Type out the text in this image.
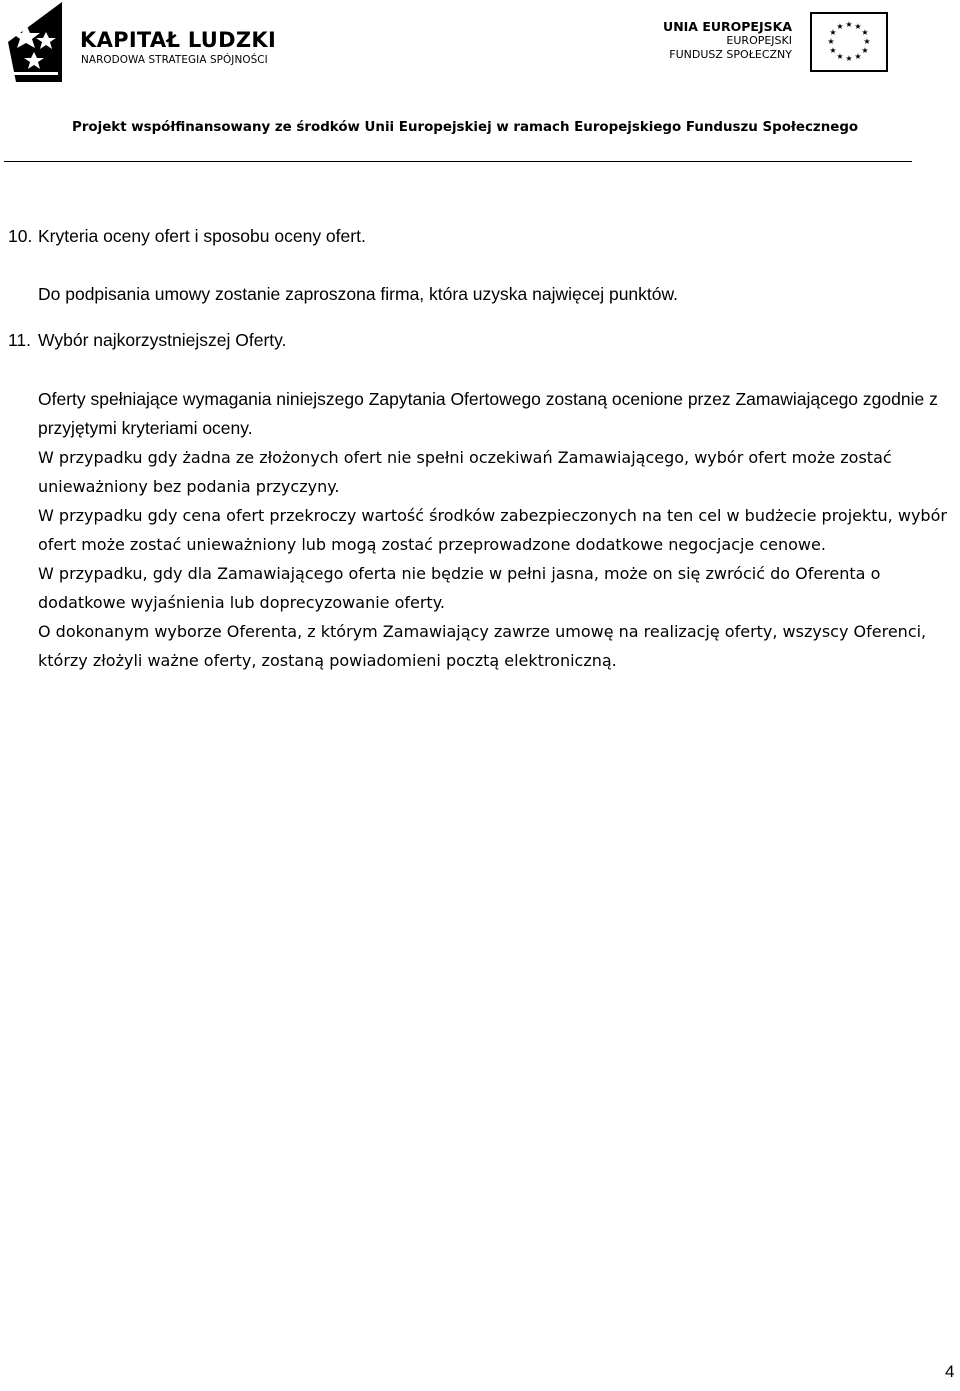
KAPITAŁ LUDZKI
NARODOWA STRATEGIA SPÓJNOŚCI
UNIA EUROPEJSKA
EUROPEJSKI
FUNDUSZ SPOŁECZNY
★ ★
★
★
★
★
★
★
★
★
★
★
Projekt współfinansowany ze środków Unii Europejskiej w ramach Europejskiego Funduszu Społecznego
10. Kryteria oceny ofert i sposobu oceny ofert.
Do podpisania umowy zostanie zaproszona firma, która uzyska najwięcej punktów.
11. Wybór najkorzystniejszej Oferty.

Oferty spełniające wymagania niniejszego Zapytania Ofertowego zostaną ocenione przez Zamawiającego zgodnie z przyjętymi kryteriami oceny.

W przypadku gdy żadna ze złożonych ofert nie spełni oczekiwań Zamawiającego, wybór ofert może zostać unieważniony bez podania przyczyny.

W przypadku gdy cena ofert przekroczy wartość środków zabezpieczonych na ten cel w budżecie projektu, wybór ofert może zostać unieważniony lub mogą zostać przeprowadzone dodatkowe negocjacje cenowe.

W przypadku, gdy dla Zamawiającego oferta nie będzie w pełni jasna, może on się zwrócić do Oferenta o dodatkowe wyjaśnienia lub doprecyzowanie oferty.

O dokonanym wyborze Oferenta, z którym Zamawiający zawrze umowę na realizację oferty, wszyscy Oferenci, którzy złożyli ważne oferty, zostaną powiadomieni pocztą elektroniczną.

4
